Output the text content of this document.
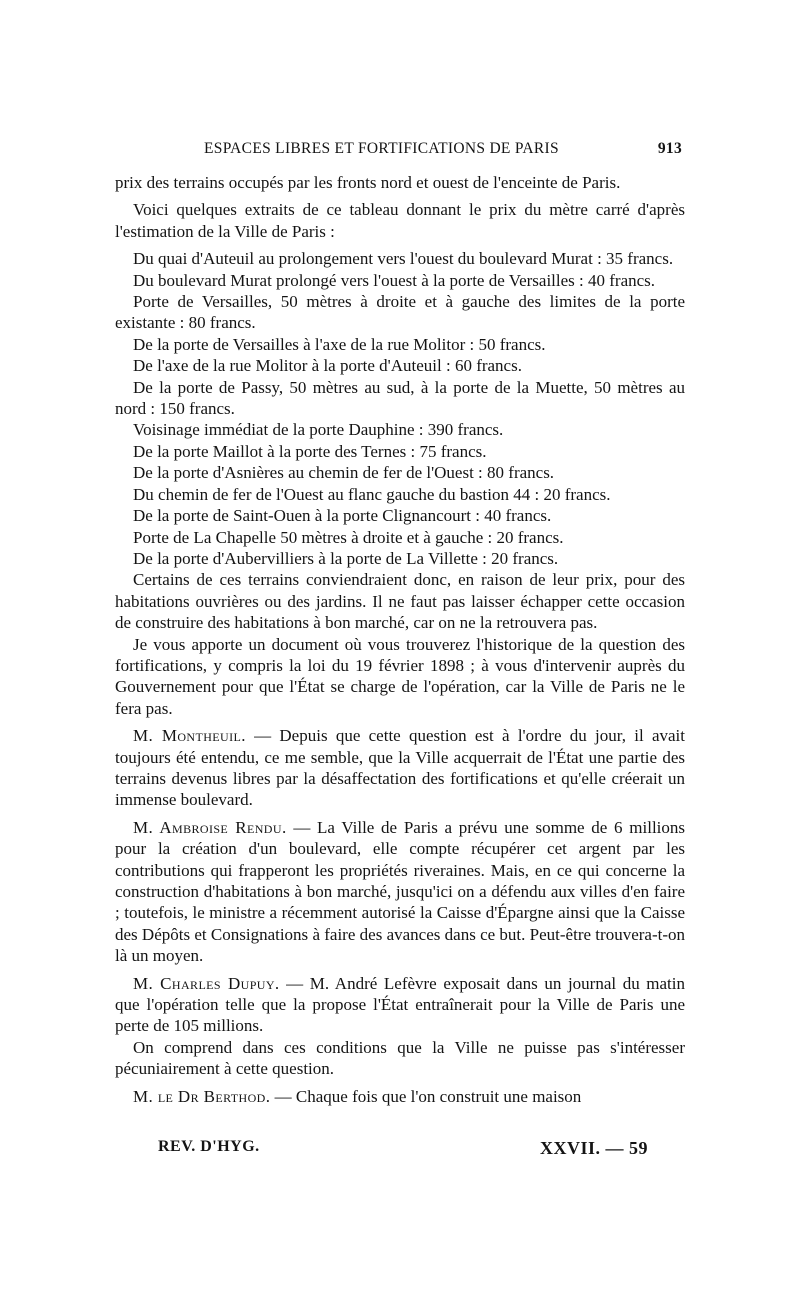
ESPACES LIBRES ET FORTIFICATIONS DE PARIS	913

prix des terrains occupés par les fronts nord et ouest de l'enceinte de Paris.

Voici quelques extraits de ce tableau donnant le prix du mètre carré d'après l'estimation de la Ville de Paris :

Du quai d'Auteuil au prolongement vers l'ouest du boulevard Murat : 35 francs.

Du boulevard Murat prolongé vers l'ouest à la porte de Versailles : 40 francs.

Porte de Versailles, 50 mètres à droite et à gauche des limites de la porte existante : 80 francs.

De la porte de Versailles à l'axe de la rue Molitor : 50 francs.

De l'axe de la rue Molitor à la porte d'Auteuil : 60 francs.

De la porte de Passy, 50 mètres au sud, à la porte de la Muette, 50 mètres au nord : 150 francs.

Voisinage immédiat de la porte Dauphine : 390 francs.

De la porte Maillot à la porte des Ternes : 75 francs.

De la porte d'Asnières au chemin de fer de l'Ouest : 80 francs.

Du chemin de fer de l'Ouest au flanc gauche du bastion 44 : 20 francs.

De la porte de Saint-Ouen à la porte Clignancourt : 40 francs.

Porte de La Chapelle 50 mètres à droite et à gauche : 20 francs.

De la porte d'Aubervilliers à la porte de La Villette : 20 francs.

Certains de ces terrains conviendraient donc, en raison de leur prix, pour des habitations ouvrières ou des jardins. Il ne faut pas laisser échapper cette occasion de construire des habitations à bon marché, car on ne la retrouvera pas.

Je vous apporte un document où vous trouverez l'historique de la question des fortifications, y compris la loi du 19 février 1898 ; à vous d'intervenir auprès du Gouvernement pour que l'État se charge de l'opération, car la Ville de Paris ne le fera pas.

M. Montheuil. — Depuis que cette question est à l'ordre du jour, il avait toujours été entendu, ce me semble, que la Ville acquerrait de l'État une partie des terrains devenus libres par la désaffectation des fortifications et qu'elle créerait un immense boulevard.

M. Ambroise Rendu. — La Ville de Paris a prévu une somme de 6 millions pour la création d'un boulevard, elle compte récupérer cet argent par les contributions qui frapperont les propriétés riveraines. Mais, en ce qui concerne la construction d'habitations à bon marché, jusqu'ici on a défendu aux villes d'en faire ; toutefois, le ministre a récemment autorisé la Caisse d'Épargne ainsi que la Caisse des Dépôts et Consignations à faire des avances dans ce but. Peut-être trouvera-t-on là un moyen.

M. Charles Dupuy. — M. André Lefèvre exposait dans un journal du matin que l'opération telle que la propose l'État entraînerait pour la Ville de Paris une perte de 105 millions.

On comprend dans ces conditions que la Ville ne puisse pas s'intéresser pécuniairement à cette question.

M. le Dr Berthod. — Chaque fois que l'on construit une maison

REV. D'HYG.	XXVII. — 59
